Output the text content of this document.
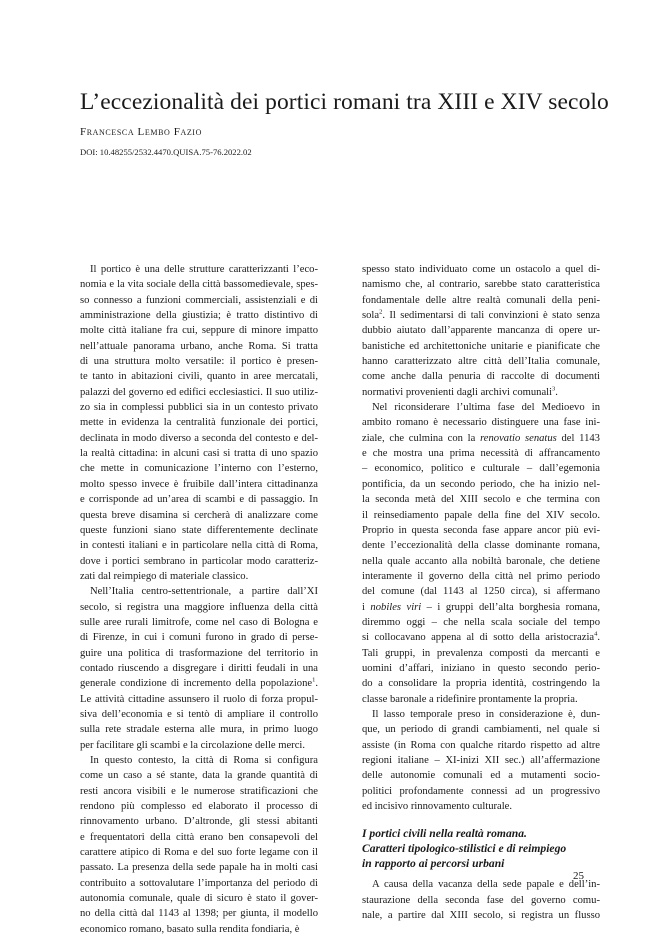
L’eccezionalità dei portici romani tra XIII e XIV secolo

Francesca Lembo Fazio

DOI: 10.48255/2532.4470.QUISA.75-76.2022.02

Il portico è una delle strutture caratterizzanti l’eco-
nomia e la vita sociale della città bassomedievale, spes-
so connesso a funzioni commerciali, assistenziali e di
amministrazione della giustizia; è tratto distintivo di
molte città italiane fra cui, seppure di minore impatto
nell’attuale panorama urbano, anche Roma. Si tratta
di una struttura molto versatile: il portico è presen-
te tanto in abitazioni civili, quanto in aree mercatali,
palazzi del governo ed edifici ecclesiastici. Il suo utiliz-
zo sia in complessi pubblici sia in un contesto privato
mette in evidenza la centralità funzionale dei portici,
declinata in modo diverso a seconda del contesto e del-
la realtà cittadina: in alcuni casi si tratta di uno spazio
che mette in comunicazione l’interno con l’esterno,
molto spesso invece è fruibile dall’intera cittadinanza
e corrisponde ad un’area di scambi e di passaggio. In
questa breve disamina si cercherà di analizzare come
queste funzioni siano state differentemente declinate
in contesti italiani e in particolare nella città di Roma,
dove i portici sembrano in particolar modo caratteriz-
zati dal reimpiego di materiale classico.

Nell’Italia centro-settentrionale, a partire dall’XI
secolo, si registra una maggiore influenza della città
sulle aree rurali limitrofe, come nel caso di Bologna e
di Firenze, in cui i comuni furono in grado di perse-
guire una politica di trasformazione del territorio in
contado riuscendo a disgregare i diritti feudali in una
generale condizione di incremento della popolazione$^1$.
Le attività cittadine assunsero il ruolo di forza propul-
siva dell’economia e si tentò di ampliare il controllo
sulla rete stradale esterna alle mura, in primo luogo
per facilitare gli scambi e la circolazione delle merci.

In questo contesto, la città di Roma si configura
come un caso a sé stante, data la grande quantità di
resti ancora visibili e le numerose stratificazioni che
rendono più complesso ed elaborato il processo di
rinnovamento urbano. D’altronde, gli stessi abitanti
e frequentatori della città erano ben consapevoli del
carattere atipico di Roma e del suo forte legame con il
passato. La presenza della sede papale ha in molti casi
contribuito a sottovalutare l’importanza del periodo di
autonomia comunale, quale di sicuro è stato il gover-
no della città dal 1143 al 1398; per giunta, il modello
economico romano, basato sulla rendita fondiaria, è

spesso stato individuato come un ostacolo a quel di-
namismo che, al contrario, sarebbe stato caratteristica
fondamentale delle altre realtà comunali della peni-
sola$^2$. Il sedimentarsi di tali convinzioni è stato senza
dubbio aiutato dall’apparente mancanza di opere ur-
banistiche ed architettoniche unitarie e pianificate che
hanno caratterizzato altre città dell’Italia comunale,
come anche dalla penuria di raccolte di documenti
normativi provenienti dagli archivi comunali$^3$.

Nel riconsiderare l’ultima fase del Medioevo in
ambito romano è necessario distinguere una fase ini-
ziale, che culmina con la renovatio senatus del 1143
e che mostra una prima necessità di affrancamento
– economico, politico e culturale – dall’egemonia
pontificia, da un secondo periodo, che ha inizio nel-
la seconda metà del XIII secolo e che termina con
il reinsediamento papale della fine del XIV secolo.
Proprio in questa seconda fase appare ancor più evi-
dente l’eccezionalità della classe dominante romana,
nella quale accanto alla nobiltà baronale, che detiene
interamente il governo della città nel primo periodo
del comune (dal 1143 al 1250 circa), si affermano
i nobiles viri – i gruppi dell’alta borghesia romana,
diremmo oggi – che nella scala sociale del tempo
si collocavano appena al di sotto della aristocrazia$^4$.
Tali gruppi, in prevalenza composti da mercanti e
uomini d’affari, iniziano in questo secondo perio-
do a consolidare la propria identità, costringendo la
classe baronale a ridefinire prontamente la propria.

Il lasso temporale preso in considerazione è, dun-
que, un periodo di grandi cambiamenti, nel quale si
assiste (in Roma con qualche ritardo rispetto ad altre
regioni italiane – XI-inizi XII sec.) all’affermazione
delle autonomie comunali ed a mutamenti socio-
politici profondamente connessi ad un progressivo
ed incisivo rinnovamento culturale.

I portici civili nella realtà romana.
Caratteri tipologico-stilistici e di reimpiego
in rapporto ai percorsi urbani

A causa della vacanza della sede papale e dell’in-
staurazione della seconda fase del governo comu-
nale, a partire dal XIII secolo, si registra un flusso

25
